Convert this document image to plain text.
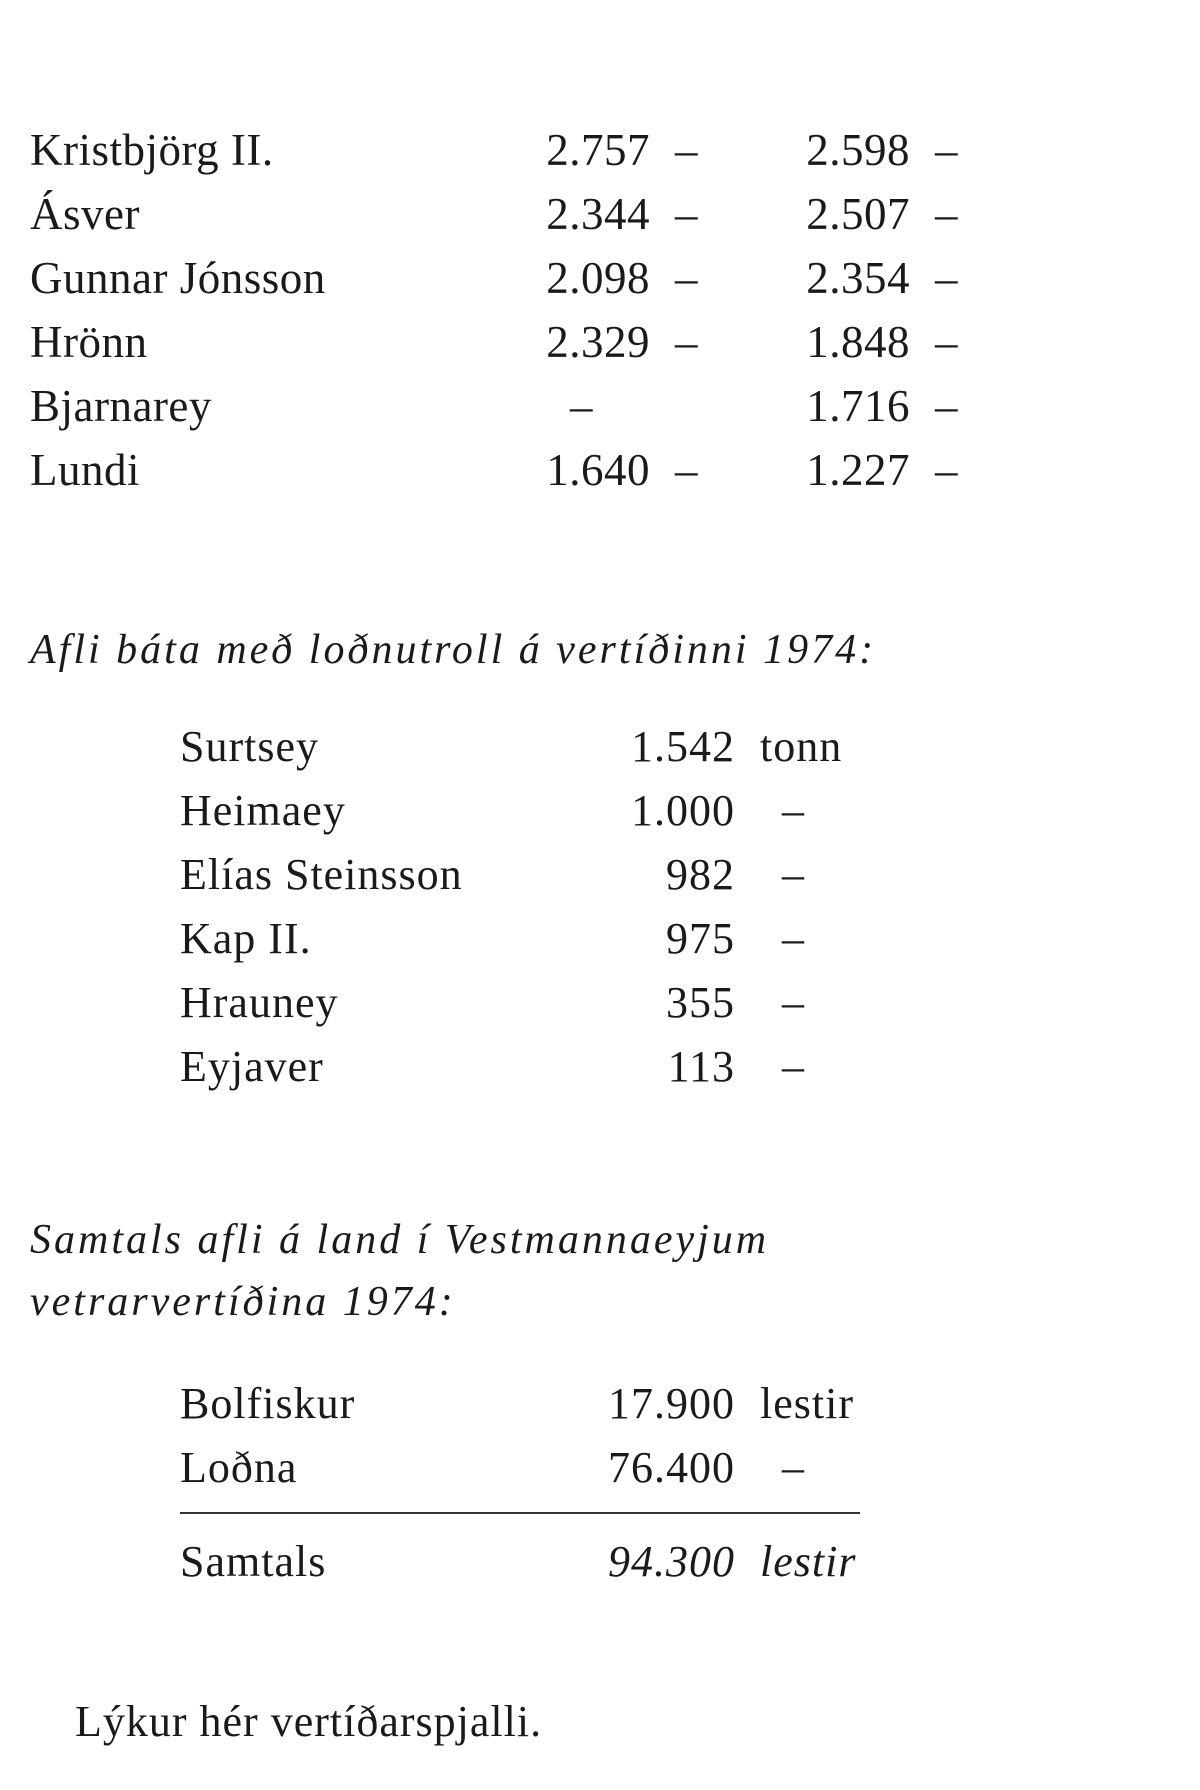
Kristbjörg II.	2.757 –	2.598 –
Ásver	2.344 –	2.507 –
Gunnar Jónsson	2.098 –	2.354 –
Hrönn	2.329 –	1.848 –
Bjarnarey	–	1.716 –
Lundi	1.640 –	1.227 –
Afli báta með loðnutroll á vertíðinni 1974:
Surtsey	1.542 tonn
Heimaey	1.000 –
Elías Steinsson	982 –
Kap II.	975 –
Hrauney	355 –
Eyjaver	113 –
Samtals afli á land í Vestmannaeyjum
vetrarvertíðina 1974:
Bolfiskur	17.900 lestir
Loðna	76.400 –
Samtals	94.300 lestir
Lýkur hér vertíðarspjalli.
